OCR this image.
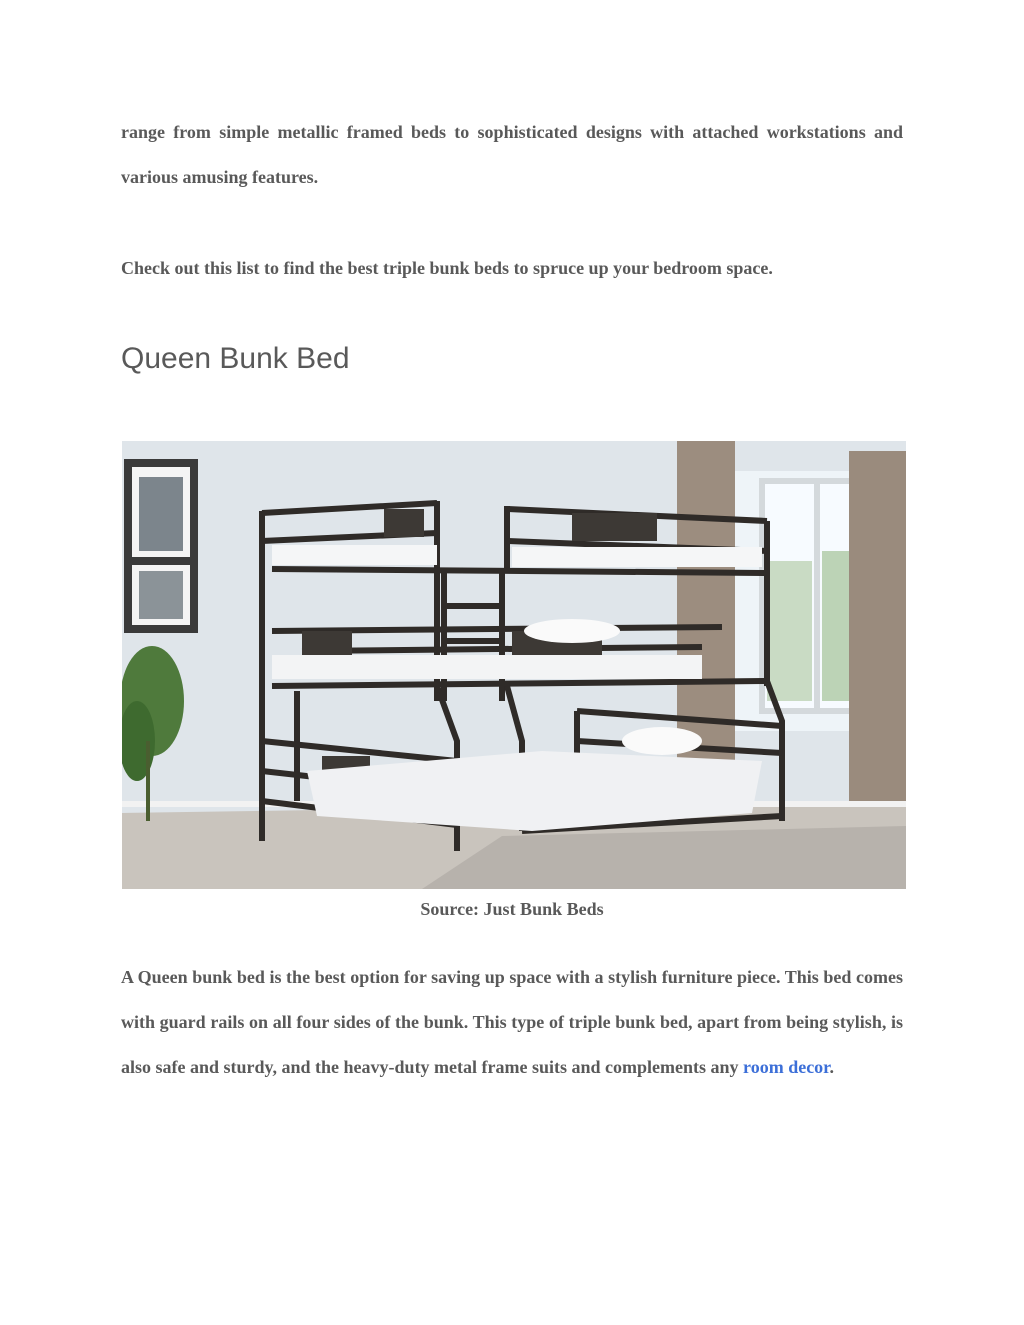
range from simple metallic framed beds to sophisticated designs with attached workstations and various amusing features.

Check out this list to find the best triple bunk beds to spruce up your bedroom space.

Queen Bunk Bed

Source: Just Bunk Beds

A Queen bunk bed is the best option for saving up space with a stylish furniture piece. This bed comes with guard rails on all four sides of the bunk. This type of triple bunk bed, apart from being stylish, is also safe and sturdy, and the heavy-duty metal frame suits and complements any room decor.
